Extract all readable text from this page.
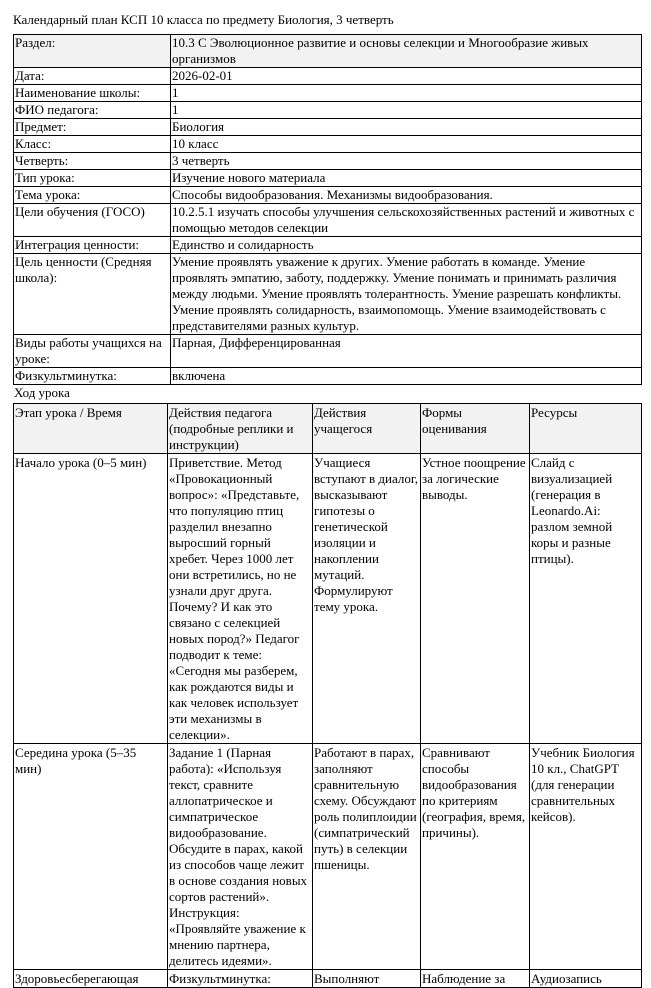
Календарный план КСП 10 класса по предмету Биология, 3 четверть
Раздел:	10.3 С Эволюционное развитие и основы селекции и Многообразие живых организмов
Дата:	2026-02-01
Наименование школы:	1
ФИО педагога:	1
Предмет:	Биология
Класс:	10 класс
Четверть:	3 четверть
Тип урока:	Изучение нового материала
Тема урока:	Способы видообразования. Механизмы видообразования.
Цели обучения (ГОСО)	10.2.5.1 изучать способы улучшения сельскохозяйственных растений и животных с помощью методов селекции
Интеграция ценности:	Единство и солидарность
Цель ценности (Средняя школа):	Умение проявлять уважение к других. Умение работать в команде. Умение проявлять эмпатию, заботу, поддержку. Умение понимать и принимать различия между людьми. Умение проявлять толерантность. Умение разрешать конфликты. Умение проявлять солидарность, взаимопомощь. Умение взаимодействовать с представителями разных культур.
Виды работы учащихся на уроке:	Парная, Дифференцированная
Физкультминутка:	включена
Ход урока
Этап урока / Время	Действия педагога (подробные реплики и инструкции)	Действия учащегося	Формы оценивания	Ресурсы
Начало урока (0–5 мин)	Приветствие. Метод «Провокационный вопрос»: «Представьте, что популяцию птиц разделил внезапно выросший горный хребет. Через 1000 лет они встретились, но не узнали друг друга. Почему? И как это связано с селекцией новых пород?» Педагог подводит к теме: «Сегодня мы разберем, как рождаются виды и как человек использует эти механизмы в селекции».	Учащиеся вступают в диалог, высказывают гипотезы о генетической изоляции и накоплении мутаций. Формулируют тему урока.	Устное поощрение за логические выводы.	Слайд с визуализацией (генерация в Leonardo.Ai: разлом земной коры и разные птицы).
Середина урока (5–35 мин)	Задание 1 (Парная работа): «Используя текст, сравните аллопатрическое и симпатрическое видообразование. Обсудите в парах, какой из способов чаще лежит в основе создания новых сортов растений». Инструкция: «Проявляйте уважение к мнению партнера, делитесь идеями».	Работают в парах, заполняют сравнительную схему. Обсуждают роль полиплоидии (симпатрический путь) в селекции пшеницы.	Сравнивают способы видообразования по критериям (география, время, причины).	Учебник Биология 10 кл., ChatGPT (для генерации сравнительных кейсов).
Здоровьесберегающая	Физкультминутка:	Выполняют	Наблюдение за	Аудиозапись
